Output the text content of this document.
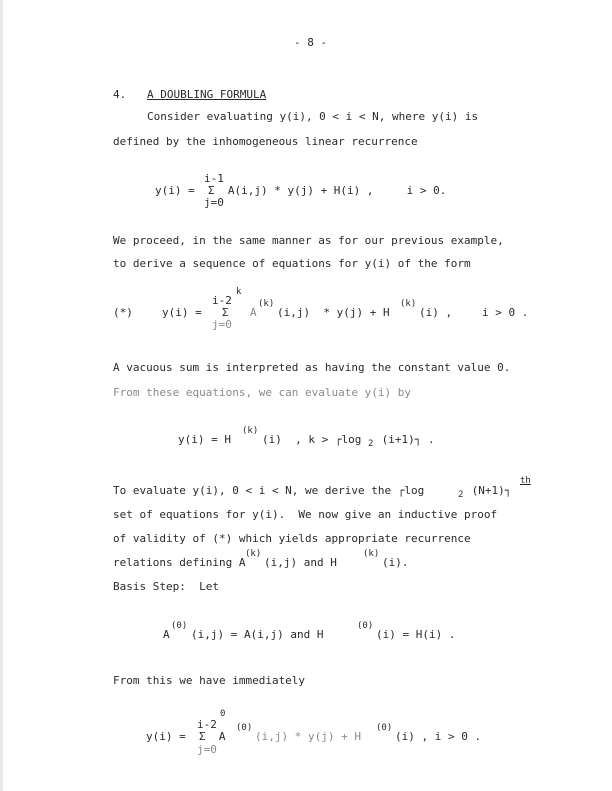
- 8 -
4. A DOUBLING FORMULA
Consider evaluating y(i), 0 < i < N, where y(i) is
defined by the inhomogeneous linear recurrence
i-1
y(i) =  Σ  A(i,j) * y(j) + H(i) ,     i > 0.
j=0
We proceed, in the same manner as for our previous example,
to derive a sequence of equations for y(i) of the form
i-2
k
(*)	y(i) = Σ A
(k)
(i,j)  * y(j) + H
(k)
(i) ,	i > 0 .
j=0
A vacuous sum is interpreted as having the constant value 0.
From these equations, we can evaluate y(i) by
y(i) = H
(k)
(i)  , k > ┌log 2 (i+1)┐ .
To evaluate y(i), 0 < i < N, we derive the ┌log	2 (N+1)┐
th
set of equations for y(i).  We now give an inductive proof
of validity of (*) which yields appropriate recurrence
relations defining A
(k)
(i,j) and H
(k)
(i).
Basis Step:  Let
A
(0)
(i,j) = A(i,j) and H
(0)
(i) = H(i) .
From this we have immediately
i-2
0
y(i) =  Σ  A
(0)
(i,j) * y(j) + H
(0)
(i) , i > 0 .
j=0
